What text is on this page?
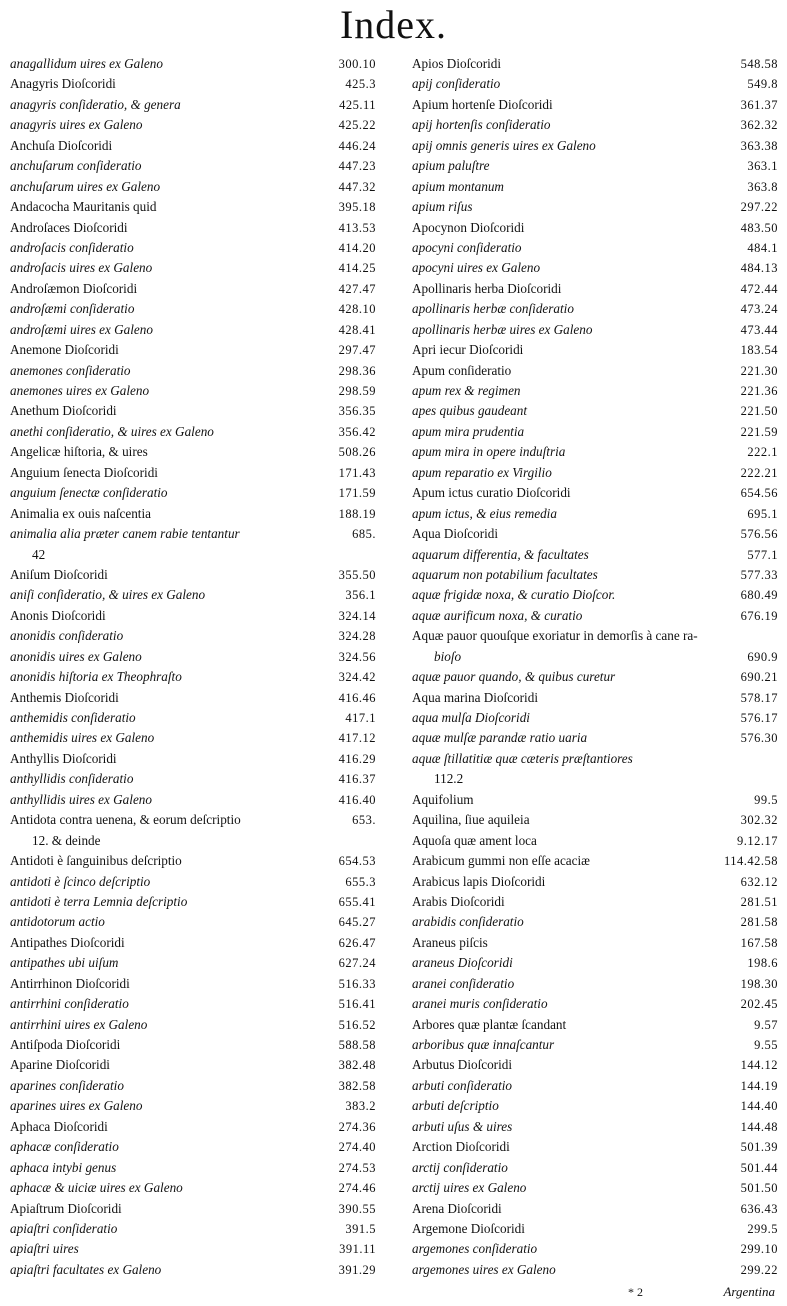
Index.
anagallidum uires ex Galeno	300.10
Anagyris Dioſcoridi	425.3
anagyris conſideratio, & genera	425.11
anagyris uires ex Galeno	425.22
Anchuſa Dioſcoridi	446.24
anchuſarum conſideratio	447.23
anchuſarum uires ex Galeno	447.32
Andacocha Mauritanis quid	395.18
Androſaces Dioſcoridi	413.53
androſacis conſideratio	414.20
androſacis uires ex Galeno	414.25
Androſæmon Dioſcoridi	427.47
androſæmi conſideratio	428.10
androſæmi uires ex Galeno	428.41
Anemone Dioſcoridi	297.47
anemones conſideratio	298.36
anemones uires ex Galeno	298.59
Anethum Dioſcoridi	356.35
anethi conſideratio, & uires ex Galeno	356.42
Angelicæ hiſtoria, & uires	508.26
Anguium ſenecta Dioſcoridi	171.43
anguium ſenectæ conſideratio	171.59
Animalia ex ouis naſcentia	188.19
animalia alia præter canem rabie tentantur	685.
42
Aniſum Dioſcoridi	355.50
aniſi conſideratio, & uires ex Galeno	356.1
Anonis Dioſcoridi	324.14
anonidis conſideratio	324.28
anonidis uires ex Galeno	324.56
anonidis hiſtoria ex Theophraſto	324.42
Anthemis Dioſcoridi	416.46
anthemidis conſideratio	417.1
anthemidis uires ex Galeno	417.12
Anthyllis Dioſcoridi	416.29
anthyllidis conſideratio	416.37
anthyllidis uires ex Galeno	416.40
Antidota contra uenena, & eorum deſcriptio	653.
12. & deinde
Antidoti è ſanguinibus deſcriptio	654.53
antidoti è ſcinco deſcriptio	655.3
antidoti è terra Lemnia deſcriptio	655.41
antidotorum actio	645.27
Antipathes Dioſcoridi	626.47
antipathes ubi uiſum	627.24
Antirrhinon Dioſcoridi	516.33
antirrhini conſideratio	516.41
antirrhini uires ex Galeno	516.52
Antiſpoda Dioſcoridi	588.58
Aparine Dioſcoridi	382.48
aparines conſideratio	382.58
aparines uires ex Galeno	383.2
Aphaca Dioſcoridi	274.36
aphacæ conſideratio	274.40
aphaca intybi genus	274.53
aphacæ & uiciæ uires ex Galeno	274.46
Apiaſtrum Dioſcoridi	390.55
apiaſtri conſideratio	391.5
apiaſtri uires	391.11
apiaſtri facultates ex Galeno	391.29
Apios Dioſcoridi	548.58
apij conſideratio	549.8
Apium hortenſe Dioſcoridi	361.37
apij hortenſis conſideratio	362.32
apij omnis generis uires ex Galeno	363.38
apium paluſtre	363.1
apium montanum	363.8
apium riſus	297.22
Apocynon Dioſcoridi	483.50
apocyni conſideratio	484.1
apocyni uires ex Galeno	484.13
Apollinaris herba Dioſcoridi	472.44
apollinaris herbæ conſideratio	473.24
apollinaris herbæ uires ex Galeno	473.44
Apri iecur Dioſcoridi	183.54
Apum conſideratio	221.30
apum rex & regimen	221.36
apes quibus gaudeant	221.50
apum mira prudentia	221.59
apum mira in opere induſtria	222.1
apum reparatio ex Virgilio	222.21
Apum ictus curatio Dioſcoridi	654.56
apum ictus, & eius remedia	695.1
Aqua Dioſcoridi	576.56
aquarum differentia, & facultates	577.1
aquarum non potabilium facultates	577.33
aquæ frigidæ noxa, & curatio Dioſcor.	680.49
aquæ aurificum noxa, & curatio	676.19
Aquæ pauor quouſque exoriatur in demorſis à cane ra-
bioſo	690.9
aquæ pauor quando, & quibus curetur	690.21
Aqua marina Dioſcoridi	578.17
aqua mulſa Dioſcoridi	576.17
aquæ mulſæ parandæ ratio uaria	576.30
aquæ ſtillatitiæ quæ cæteris præſtantiores
112.2
Aquifolium	99.5
Aquilina, ſiue aquileia	302.32
Aquoſa quæ ament loca	9.12.17
Arabicum gummi non eſſe acaciæ	114.42.58
Arabicus lapis Dioſcoridi	632.12
Arabis Dioſcoridi	281.51
arabidis conſideratio	281.58
Araneus piſcis	167.58
araneus Dioſcoridi	198.6
aranei conſideratio	198.30
aranei muris conſideratio	202.45
Arbores quæ plantæ ſcandant	9.57
arboribus quæ innaſcantur	9.55
Arbutus Dioſcoridi	144.12
arbuti conſideratio	144.19
arbuti deſcriptio	144.40
arbuti uſus & uires	144.48
Arction Dioſcoridi	501.39
arctij conſideratio	501.44
arctij uires ex Galeno	501.50
Arena Dioſcoridi	636.43
Argemone Dioſcoridi	299.5
argemones conſideratio	299.10
argemones uires ex Galeno	299.22
* 2	Argentina
